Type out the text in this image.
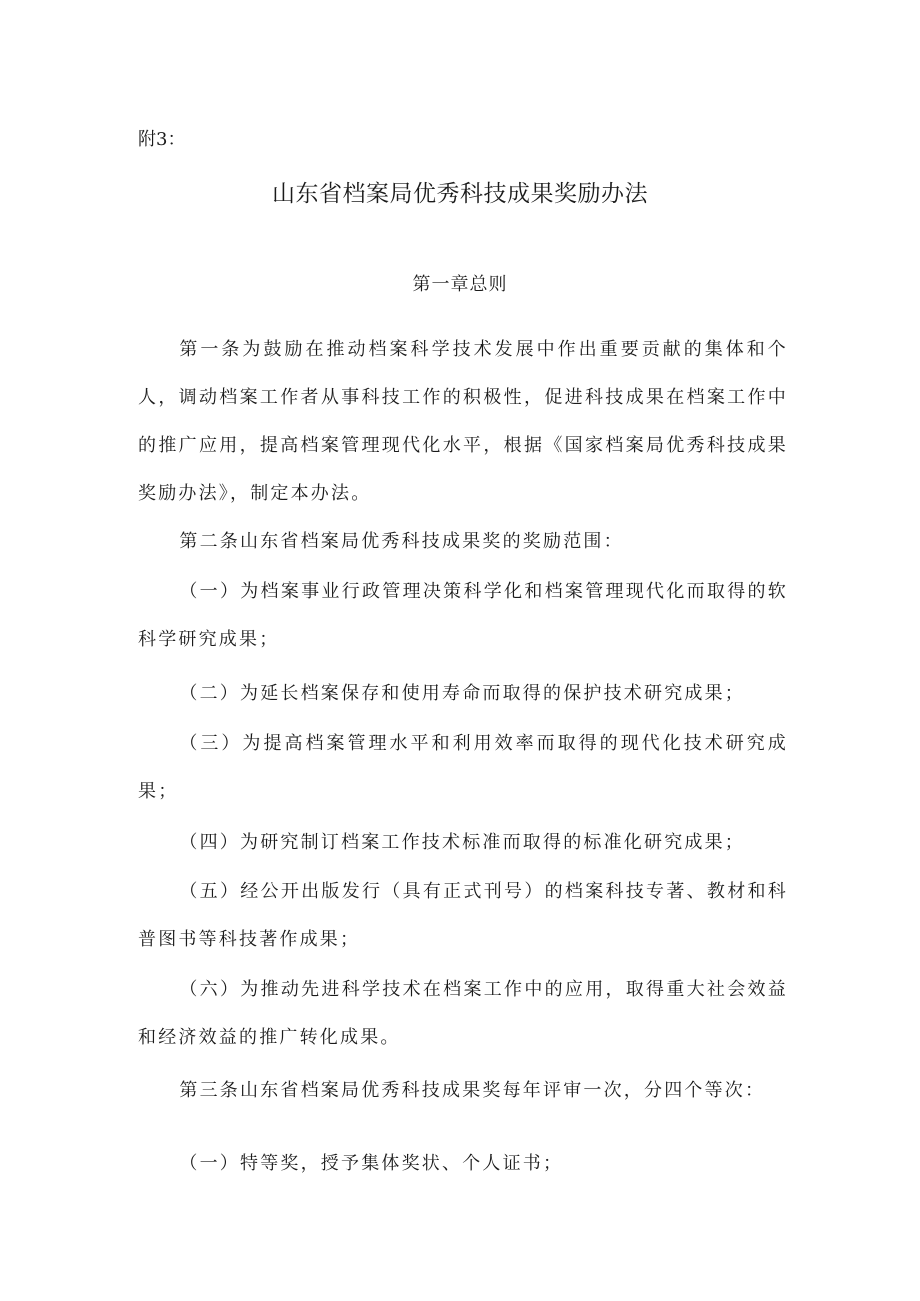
附3：
山东省档案局优秀科技成果奖励办法
第一章总则

第一条为鼓励在推动档案科学技术发展中作出重要贡献的集体和个人，调动档案工作者从事科技工作的积极性，促进科技成果在档案工作中的推广应用，提高档案管理现代化水平，根据《国家档案局优秀科技成果奖励办法》，制定本办法。

第二条山东省档案局优秀科技成果奖的奖励范围：

（一）为档案事业行政管理决策科学化和档案管理现代化而取得的软科学研究成果；

（二）为延长档案保存和使用寿命而取得的保护技术研究成果；

（三）为提高档案管理水平和利用效率而取得的现代化技术研究成果；

（四）为研究制订档案工作技术标准而取得的标准化研究成果；

（五）经公开出版发行（具有正式刊号）的档案科技专著、教材和科普图书等科技著作成果；

（六）为推动先进科学技术在档案工作中的应用，取得重大社会效益和经济效益的推广转化成果。

第三条山东省档案局优秀科技成果奖每年评审一次，分四个等次：

（一）特等奖，授予集体奖状、个人证书；
